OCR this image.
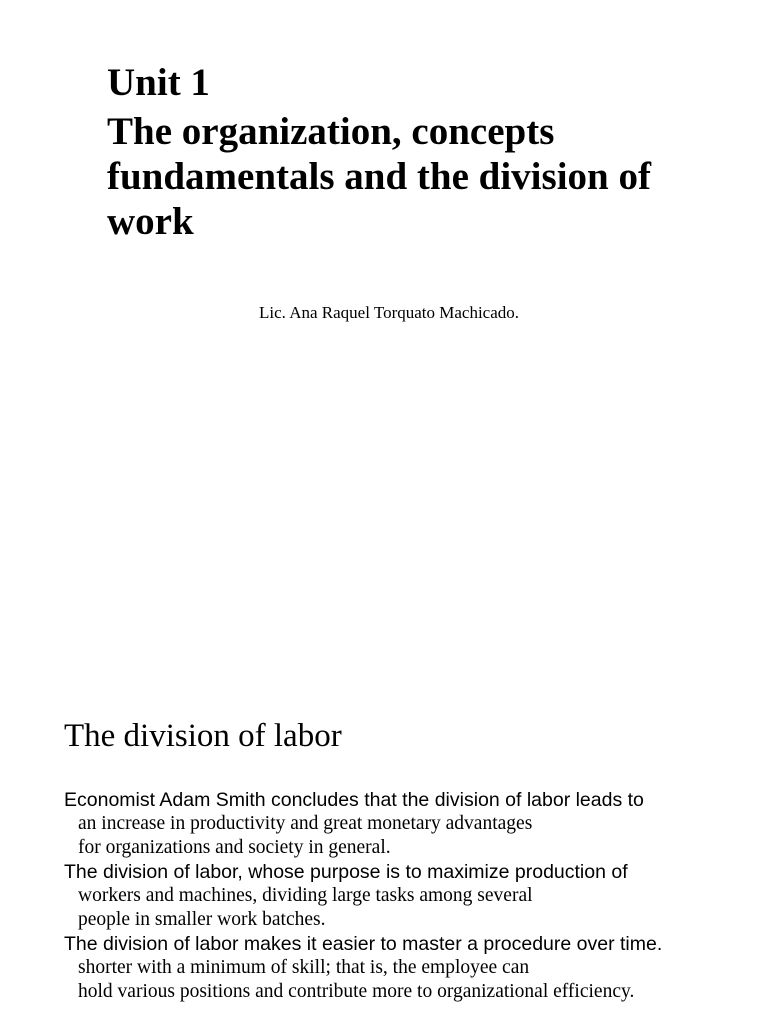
Unit 1
The organization, concepts
fundamentals and the division of
work

Lic. Ana Raquel Torquato Machicado.

The division of labor
Economist Adam Smith concludes that the division of labor leads to
an increase in productivity and great monetary advantages
for organizations and society in general.
The division of labor, whose purpose is to maximize production of
workers and machines, dividing large tasks among several
people in smaller work batches.
The division of labor makes it easier to master a procedure over time.
shorter with a minimum of skill; that is, the employee can
hold various positions and contribute more to organizational efficiency.
